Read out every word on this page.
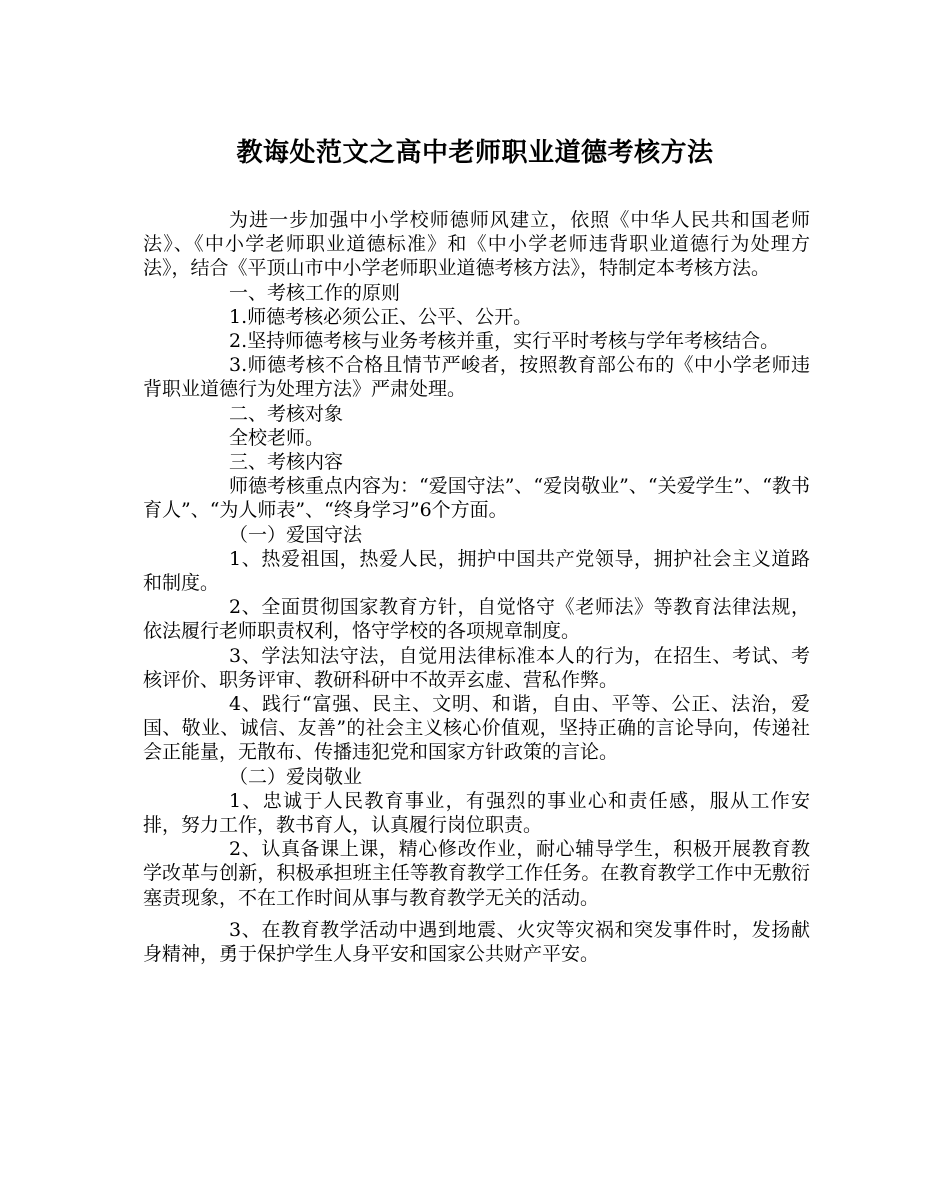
教诲处范文之高中老师职业道德考核方法

为进一步加强中小学校师德师风建立，依照《中华人民共和国老师法》、《中小学老师职业道德标准》和《中小学老师违背职业道德行为处理方法》，结合《平顶山市中小学老师职业道德考核方法》，特制定本考核方法。

一、考核工作的原则

1.师德考核必须公正、公平、公开。

2.坚持师德考核与业务考核并重，实行平时考核与学年考核结合。

3.师德考核不合格且情节严峻者，按照教育部公布的《中小学老师违背职业道德行为处理方法》严肃处理。

二、考核对象

全校老师。

三、考核内容

师德考核重点内容为：“爱国守法”、“爱岗敬业”、“关爱学生”、“教书育人”、“为人师表”、“终身学习”6个方面。

（一）爱国守法

1、热爱祖国，热爱人民，拥护中国共产党领导，拥护社会主义道路和制度。

2、全面贯彻国家教育方针，自觉恪守《老师法》等教育法律法规，依法履行老师职责权利，恪守学校的各项规章制度。

3、学法知法守法，自觉用法律标准本人的行为，在招生、考试、考核评价、职务评审、教研科研中不故弄玄虚、营私作弊。

4、践行“富强、民主、文明、和谐，自由、平等、公正、法治，爱国、敬业、诚信、友善”的社会主义核心价值观，坚持正确的言论导向，传递社会正能量，无散布、传播违犯党和国家方针政策的言论。

（二）爱岗敬业

1、忠诚于人民教育事业，有强烈的事业心和责任感，服从工作安排，努力工作，教书育人，认真履行岗位职责。

2、认真备课上课，精心修改作业，耐心辅导学生，积极开展教育教学改革与创新，积极承担班主任等教育教学工作任务。在教育教学工作中无敷衍塞责现象，不在工作时间从事与教育教学无关的活动。

3、在教育教学活动中遇到地震、火灾等灾祸和突发事件时，发扬献身精神，勇于保护学生人身平安和国家公共财产平安。
